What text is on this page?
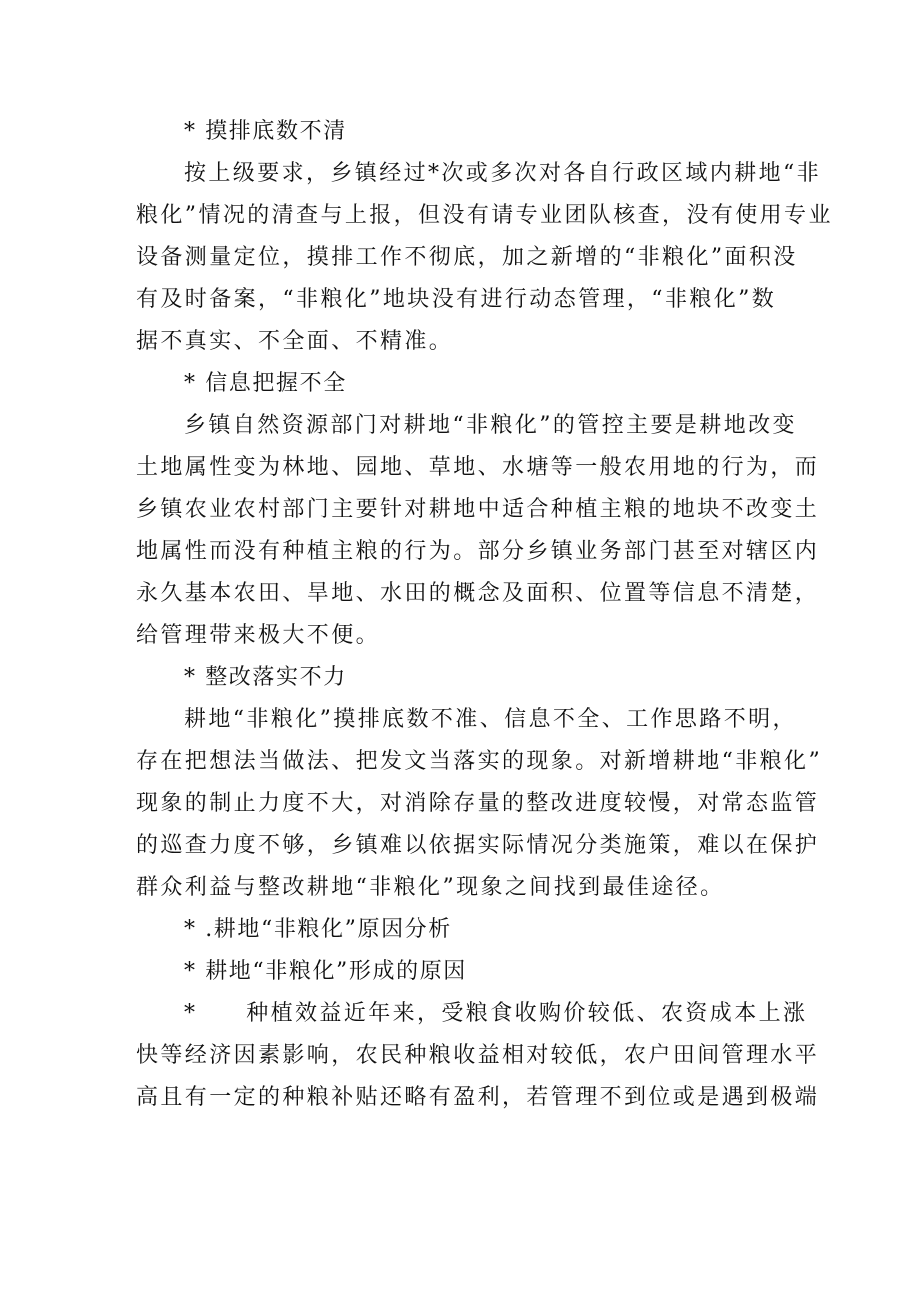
* 摸排底数不清
按上级要求，乡镇经过*次或多次对各自行政区域内耕地“非
粮化”情况的清查与上报，但没有请专业团队核查，没有使用专业
设备测量定位，摸排工作不彻底，加之新增的“非粮化”面积没
有及时备案，“非粮化”地块没有进行动态管理，“非粮化”数
据不真实、不全面、不精准。
* 信息把握不全
乡镇自然资源部门对耕地“非粮化”的管控主要是耕地改变
土地属性变为林地、园地、草地、水塘等一般农用地的行为，而
乡镇农业农村部门主要针对耕地中适合种植主粮的地块不改变土
地属性而没有种植主粮的行为。部分乡镇业务部门甚至对辖区内
永久基本农田、旱地、水田的概念及面积、位置等信息不清楚，
给管理带来极大不便。
* 整改落实不力
耕地“非粮化”摸排底数不准、信息不全、工作思路不明，
存在把想法当做法、把发文当落实的现象。对新增耕地“非粮化”
现象的制止力度不大，对消除存量的整改进度较慢，对常态监管
的巡查力度不够，乡镇难以依据实际情况分类施策，难以在保护
群众利益与整改耕地“非粮化”现象之间找到最佳途径。
* .耕地“非粮化”原因分析
* 耕地“非粮化”形成的原因
*　　种植效益近年来，受粮食收购价较低、农资成本上涨
快等经济因素影响，农民种粮收益相对较低，农户田间管理水平
高且有一定的种粮补贴还略有盈利，若管理不到位或是遇到极端
